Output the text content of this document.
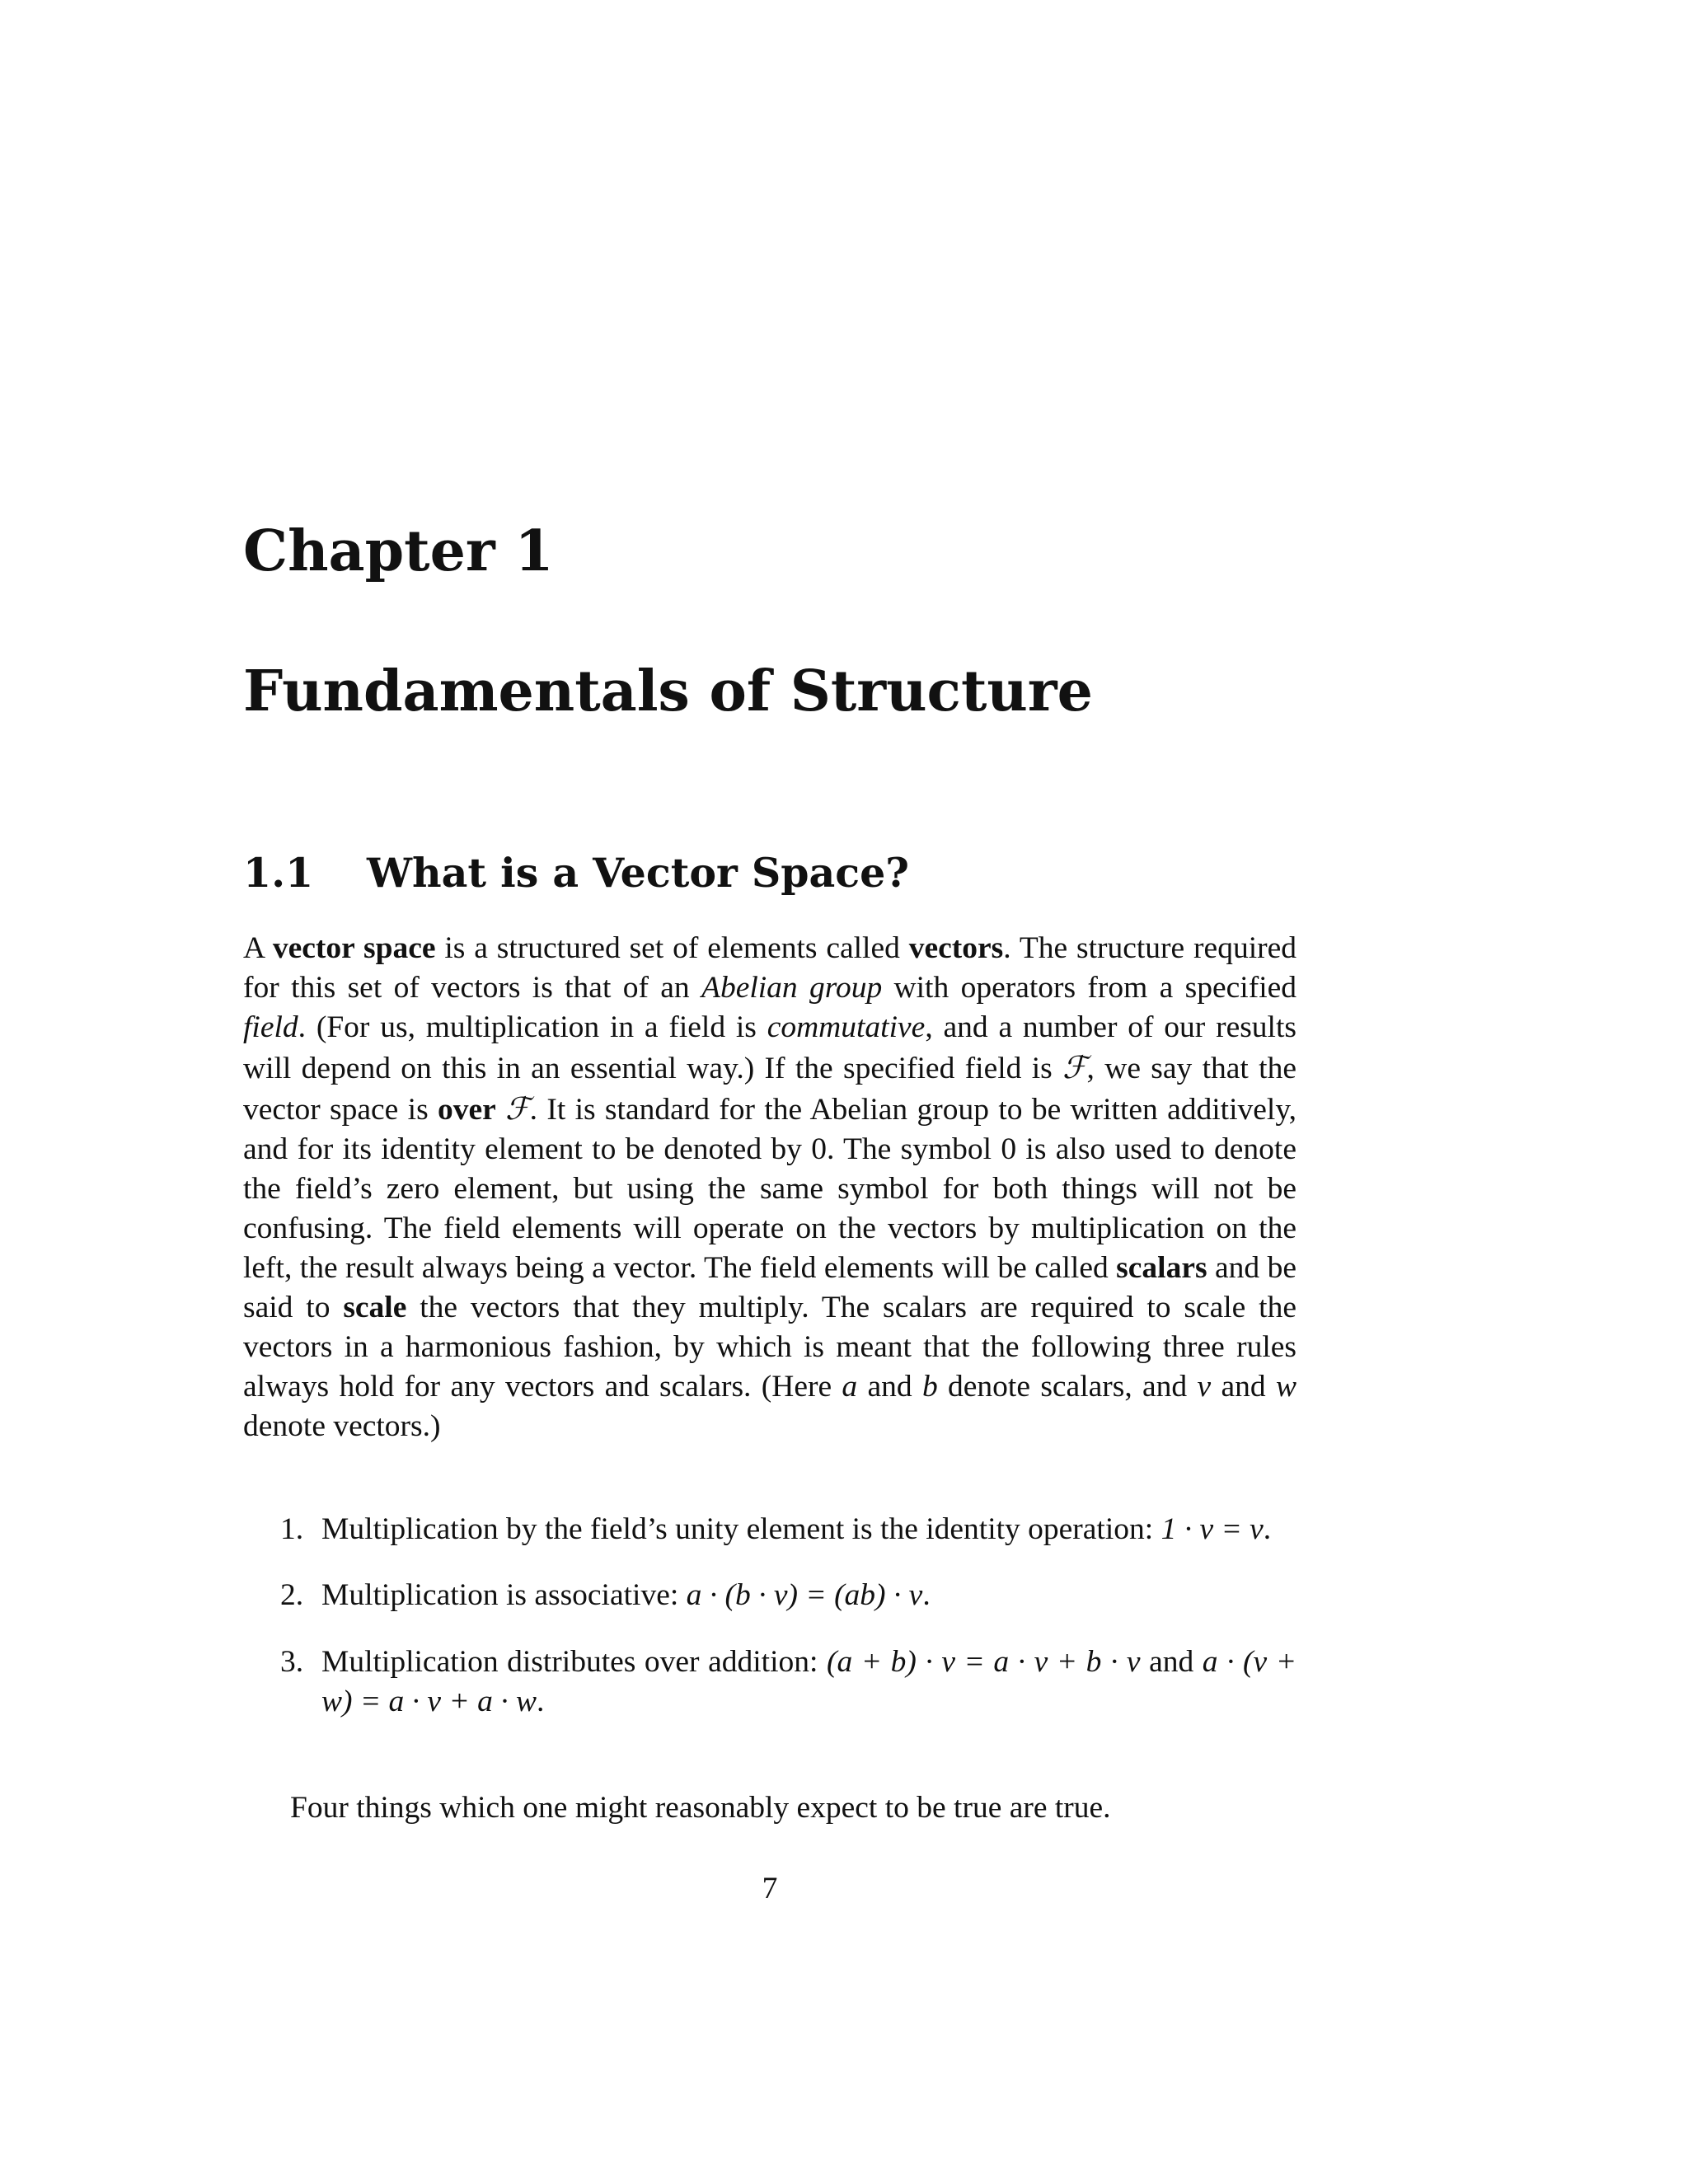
Chapter 1
Fundamentals of Structure
1.1 What is a Vector Space?

A vector space is a structured set of elements called vectors. The structure required for this set of vectors is that of an Abelian group with operators from a specified field. (For us, multiplication in a field is commutative, and a number of our results will depend on this in an essential way.) If the specified field is ℱ, we say that the vector space is over ℱ. It is standard for the Abelian group to be written additively, and for its identity element to be denoted by 0. The symbol 0 is also used to denote the field’s zero element, but using the same symbol for both things will not be confusing. The field elements will operate on the vectors by multiplication on the left, the result always being a vector. The field elements will be called scalars and be said to scale the vectors that they multiply. The scalars are required to scale the vectors in a harmonious fashion, by which is meant that the following three rules always hold for any vectors and scalars. (Here a and b denote scalars, and v and w denote vectors.)

1. Multiplication by the field’s unity element is the identity operation: 1 · v = v.
2. Multiplication is associative: a · (b · v) = (ab) · v.
3. Multiplication distributes over addition: (a + b) · v = a · v + b · v and a · (v + w) = a · v + a · w.

Four things which one might reasonably expect to be true are true.

7
